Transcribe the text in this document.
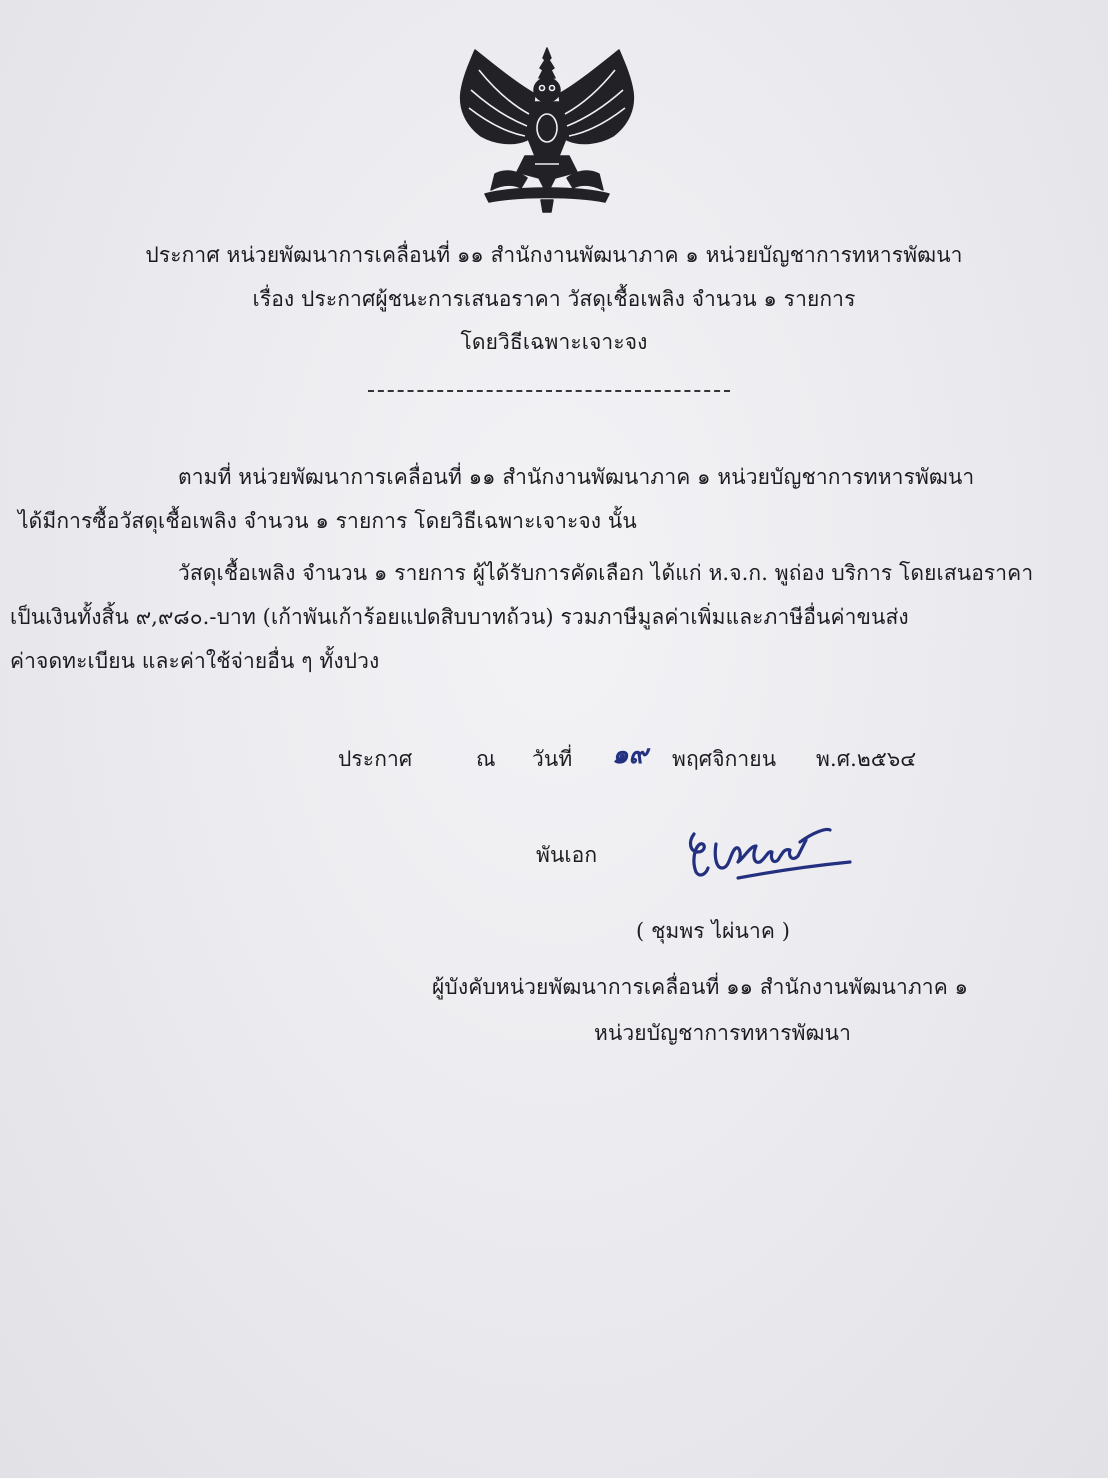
ประกาศ หน่วยพัฒนาการเคลื่อนที่ ๑๑ สำนักงานพัฒนาภาค ๑ หน่วยบัญชาการทหารพัฒนา
เรื่อง ประกาศผู้ชนะการเสนอราคา วัสดุเชื้อเพลิง จำนวน ๑ รายการ
โดยวิธีเฉพาะเจาะจง
ตามที่ หน่วยพัฒนาการเคลื่อนที่ ๑๑ สำนักงานพัฒนาภาค ๑ หน่วยบัญชาการทหารพัฒนา
ได้มีการซื้อวัสดุเชื้อเพลิง จำนวน ๑ รายการ โดยวิธีเฉพาะเจาะจง นั้น
วัสดุเชื้อเพลิง จำนวน ๑ รายการ ผู้ได้รับการคัดเลือก ได้แก่ ห.จ.ก. พูถ่อง บริการ โดยเสนอราคา
เป็นเงินทั้งสิ้น ๙,๙๘๐.-บาท (เก้าพันเก้าร้อยแปดสิบบาทถ้วน) รวมภาษีมูลค่าเพิ่มและภาษีอื่นค่าขนส่ง
ค่าจดทะเบียน และค่าใช้จ่ายอื่น ๆ ทั้งปวง
ประกาศ	ณ วันที่ ๑๙ พฤศจิกายน พ.ศ.๒๕๖๔
พันเอก
( ชุมพร ไผ่นาค )
ผู้บังคับหน่วยพัฒนาการเคลื่อนที่ ๑๑ สำนักงานพัฒนาภาค ๑
หน่วยบัญชาการทหารพัฒนา
